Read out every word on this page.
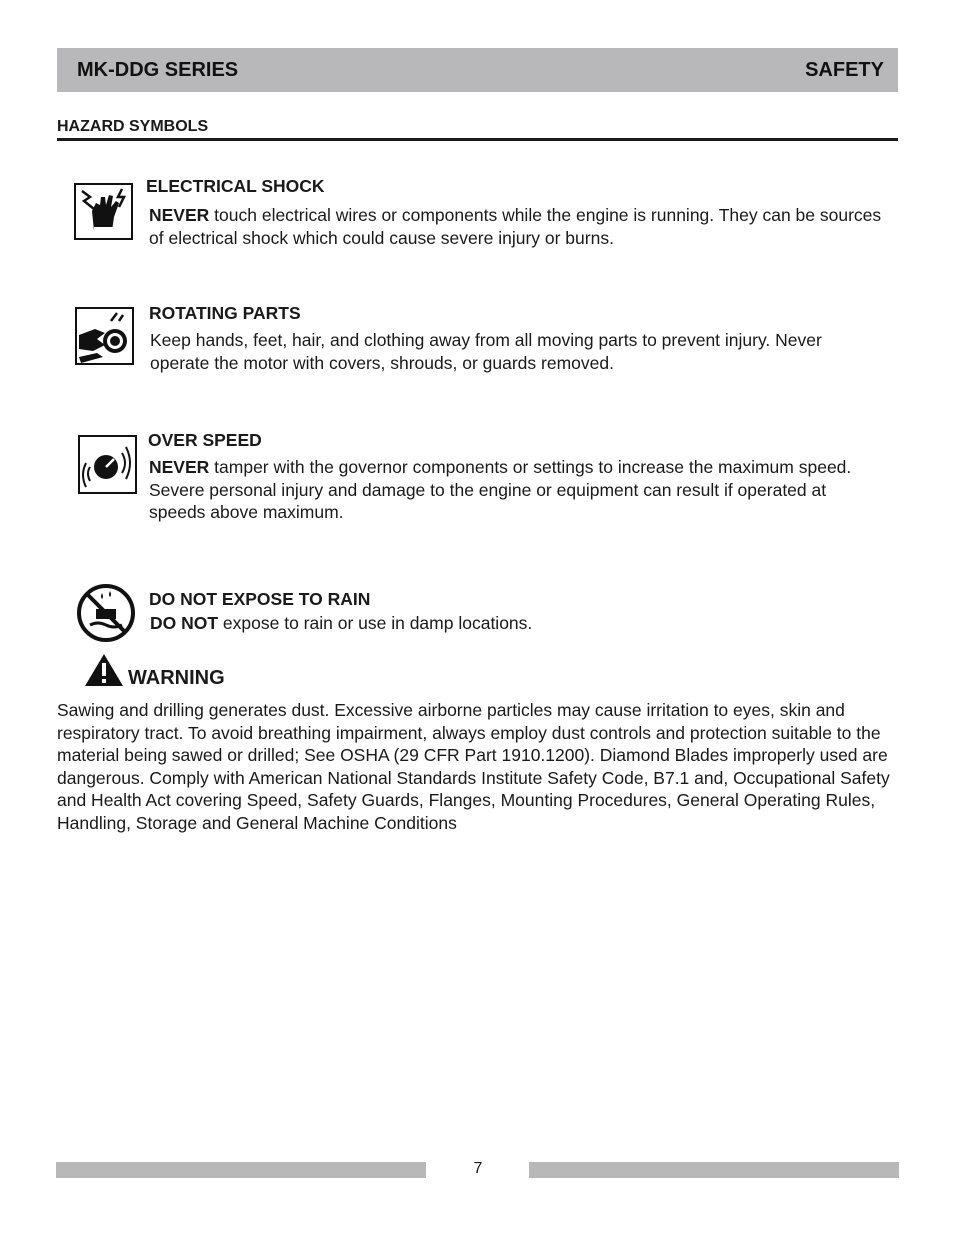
MK-DDG SERIES	SAFETY
HAZARD SYMBOLS
ELECTRICAL SHOCK
NEVER touch electrical wires or components while the engine is running. They can be sources of electrical shock which could cause severe injury or burns.
ROTATING PARTS
Keep hands, feet, hair, and clothing away from all moving parts to prevent injury. Never operate the motor with covers, shrouds, or guards removed.
OVER SPEED
NEVER tamper with the governor components or settings to increase the maximum speed. Severe personal injury and damage to the engine or equipment can result if operated at speeds above maximum.
DO NOT EXPOSE TO RAIN
DO NOT expose to rain or use in damp locations.
WARNING
Sawing and drilling generates dust. Excessive airborne particles may cause irritation to eyes, skin and respiratory tract. To avoid breathing impairment, always employ dust controls and protection suitable to the material being sawed or drilled; See OSHA (29 CFR Part 1910.1200). Diamond Blades improperly used are dangerous. Comply with American National Standards Institute Safety Code, B7.1 and, Occupational Safety and Health Act covering Speed, Safety Guards, Flanges, Mounting Procedures, General Operating Rules, Handling, Storage and General Machine Conditions
7
